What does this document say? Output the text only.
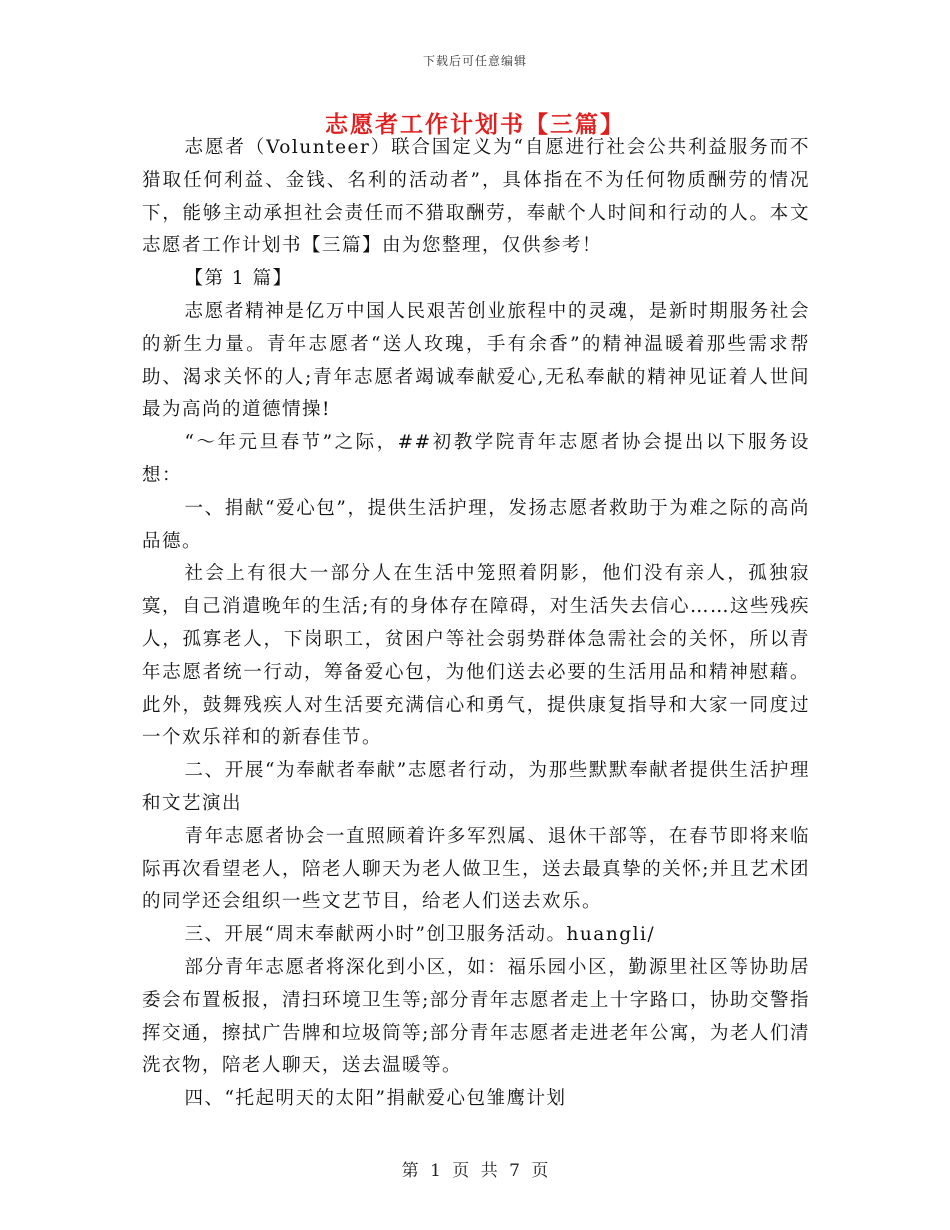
下载后可任意编辑
志愿者工作计划书【三篇】

志愿者（Volunteer）联合国定义为“自愿进行社会公共利益服务而不猎取任何利益、金钱、名利的活动者”，具体指在不为任何物质酬劳的情况下，能够主动承担社会责任而不猎取酬劳，奉献个人时间和行动的人。本文志愿者工作计划书【三篇】由为您整理，仅供参考！

【第 1 篇】

志愿者精神是亿万中国人民艰苦创业旅程中的灵魂，是新时期服务社会的新生力量。青年志愿者“送人玫瑰，手有余香”的精神温暖着那些需求帮助、渴求关怀的人;青年志愿者竭诚奉献爱心,无私奉献的精神见证着人世间最为高尚的道德情操!

“～年元旦春节”之际，##初教学院青年志愿者协会提出以下服务设想：

一、捐献“爱心包”，提供生活护理，发扬志愿者救助于为难之际的高尚品德。

社会上有很大一部分人在生活中笼照着阴影，他们没有亲人，孤独寂寞，自己消遣晚年的生活;有的身体存在障碍，对生活失去信心……这些残疾人，孤寡老人，下岗职工，贫困户等社会弱势群体急需社会的关怀，所以青年志愿者统一行动，筹备爱心包，为他们送去必要的生活用品和精神慰藉。此外，鼓舞残疾人对生活要充满信心和勇气，提供康复指导和大家一同度过一个欢乐祥和的新春佳节。

二、开展“为奉献者奉献”志愿者行动，为那些默默奉献者提供生活护理和文艺演出

青年志愿者协会一直照顾着许多军烈属、退休干部等，在春节即将来临际再次看望老人，陪老人聊天为老人做卫生，送去最真挚的关怀;并且艺术团的同学还会组织一些文艺节目，给老人们送去欢乐。

三、开展“周末奉献两小时”创卫服务活动。huangli/

部分青年志愿者将深化到小区，如：福乐园小区，勤源里社区等协助居委会布置板报，清扫环境卫生等;部分青年志愿者走上十字路口，协助交警指挥交通，擦拭广告牌和垃圾筒等;部分青年志愿者走进老年公寓，为老人们清洗衣物，陪老人聊天，送去温暖等。

四、“托起明天的太阳”捐献爱心包雏鹰计划

第 1 页 共 7 页
